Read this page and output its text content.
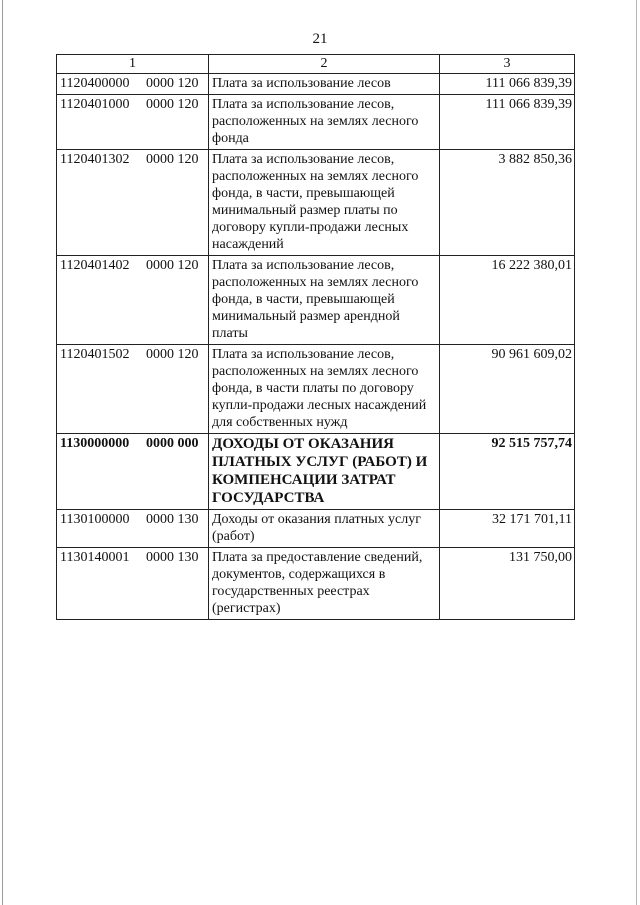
21
1	2	3
1120400000 0000 120	Плата за использование лесов	111 066 839,39
1120401000 0000 120	Плата за использование лесов, расположенных на землях лесного фонда	111 066 839,39
1120401302 0000 120	Плата за использование лесов, расположенных на землях лесного фонда, в части, превышающей минимальный размер платы по договору купли-продажи лесных насаждений	3 882 850,36
1120401402 0000 120	Плата за использование лесов, расположенных на землях лесного фонда, в части, превышающей минимальный размер арендной платы	16 222 380,01
1120401502 0000 120	Плата за использование лесов, расположенных на землях лесного фонда, в части платы по договору купли-продажи лесных насаждений для собственных нужд	90 961 609,02
1130000000 0000 000	ДОХОДЫ ОТ ОКАЗАНИЯ ПЛАТНЫХ УСЛУГ (РАБОТ) И КОМПЕНСАЦИИ ЗАТРАТ ГОСУДАРСТВА	92 515 757,74
1130100000 0000 130	Доходы от оказания платных услуг (работ)	32 171 701,11
1130140001 0000 130	Плата за предоставление сведений, документов, содержащихся в государственных реестрах (регистрах)	131 750,00
